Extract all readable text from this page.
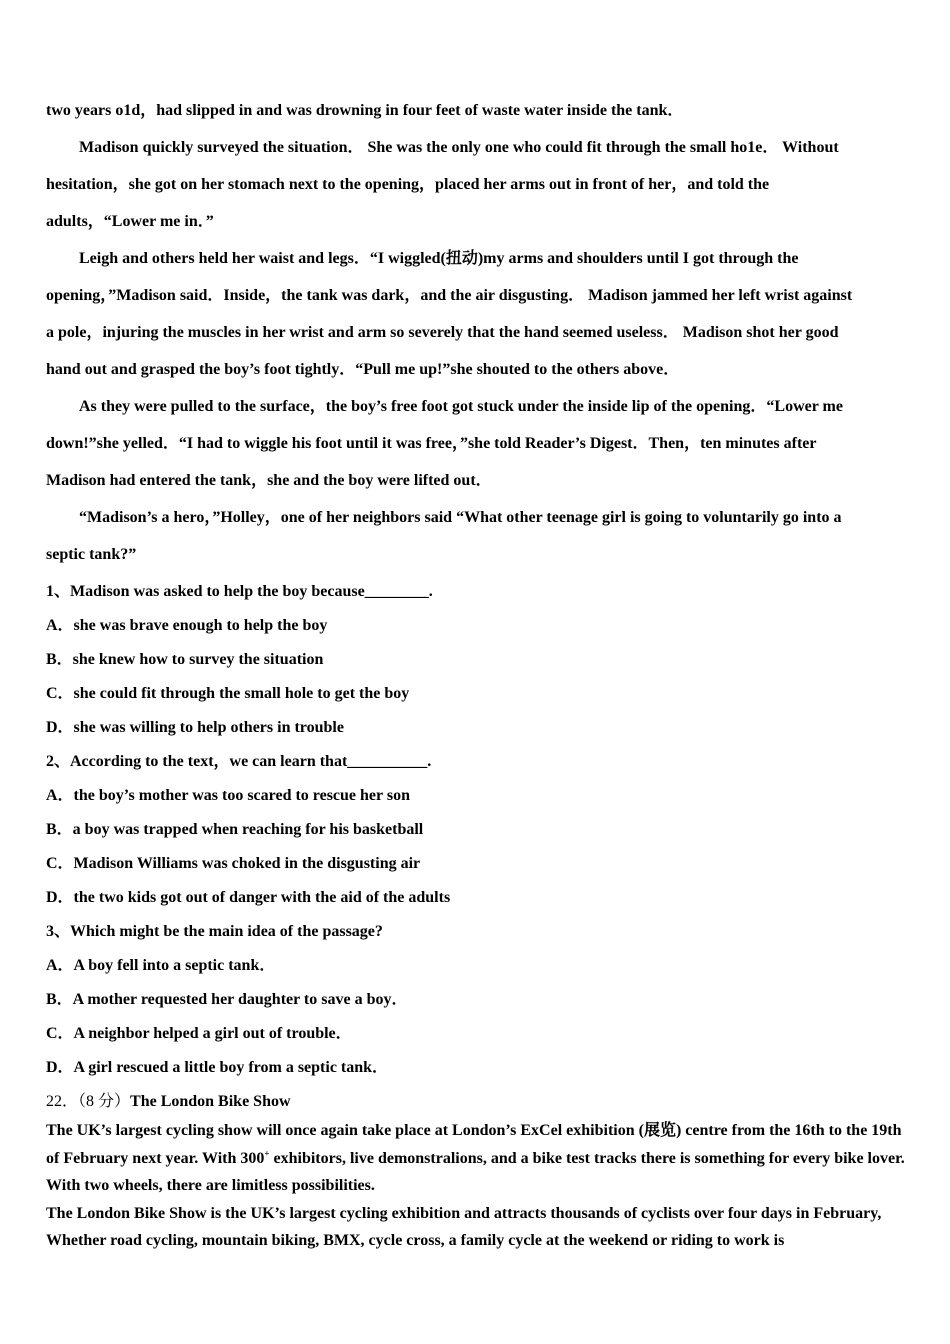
two years o1d，had slipped in and was drowning in four feet of waste water inside the tank．
Madison quickly surveyed the situation． She was the only one who could fit through the small ho1e． Without
hesitation，she got on her stomach next to the opening，placed her arms out in front of her，and told the
adults，“Lower me in．”
Leigh and others held her waist and legs．“I wiggled(扭动)my arms and shoulders until I got through the
opening，”Madison said．Inside，the tank was dark，and the air disgusting． Madison jammed her left wrist against
a pole，injuring the muscles in her wrist and arm so severely that the hand seemed useless． Madison shot her good
hand out and grasped the boy’s foot tightly．“Pull me up!”she shouted to the others above．
As they were pulled to the surface，the boy’s free foot got stuck under the inside lip of the opening．“Lower me
down!”she yelled．“I had to wiggle his foot until it was free，”she told Reader’s Digest．Then，ten minutes after
Madison had entered the tank，she and the boy were lifted out．
“Madison’s a hero，”Holley，one of her neighbors said “What other teenage girl is going to voluntarily go into a
septic tank?”
1、Madison was asked to help the boy because________.
A．she was brave enough to help the boy
B．she knew how to survey the situation
C．she could fit through the small hole to get the boy
D．she was willing to help others in trouble
2、According to the text，we can learn that__________.
A．the boy’s mother was too scared to rescue her son
B．a boy was trapped when reaching for his basketball
C．Madison Williams was choked in the disgusting air
D．the two kids got out of danger with the aid of the adults
3、Which might be the main idea of the passage?
A．A boy fell into a septic tank．
B．A mother requested her daughter to save a boy．
C．A neighbor helped a girl out of trouble．
D．A girl rescued a little boy from a septic tank．
22．（8 分）The London Bike Show
The UK’s largest cycling show will once again take place at London’s ExCel exhibition (展览) centre from the 16th to the 19th of February next year. With 300+ exhibitors, live demonstralions, and a bike test tracks there is something for every bike lover. With two wheels, there are limitless possibilities.
The London Bike Show is the UK’s largest cycling exhibition and attracts thousands of cyclists over four days in February, Whether road cycling, mountain biking, BMX, cycle cross, a family cycle at the weekend or riding to work is
